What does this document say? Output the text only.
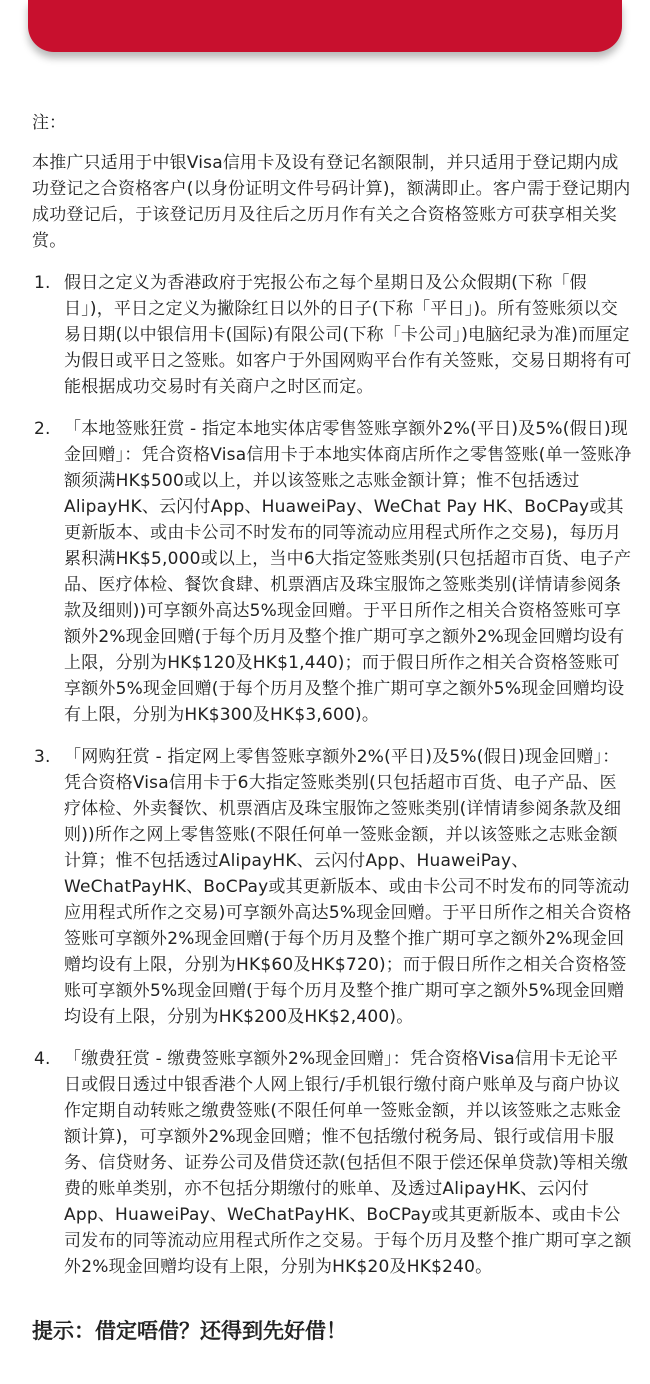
注：
本推广只适用于中银Visa信用卡及设有登记名额限制，并只适用于登记期内成功登记之合资格客户(以身份证明文件号码计算)，额满即止。客户需于登记期内成功登记后，于该登记历月及往后之历月作有关之合资格签账方可获享相关奖赏。
1. 假日之定义为香港政府于宪报公布之每个星期日及公众假期(下称「假日」)，平日之定义为撇除红日以外的日子(下称「平日」)。所有签账须以交易日期(以中银信用卡(国际)有限公司(下称「卡公司」)电脑纪录为准)而厘定为假日或平日之签账。如客户于外国网购平台作有关签账，交易日期将有可能根据成功交易时有关商户之时区而定。
2. 「本地签账狂赏 - 指定本地实体店零售签账享额外2%(平日)及5%(假日)现金回赠」：凭合资格Visa信用卡于本地实体商店所作之零售签账(单一签账净额须满HK$500或以上，并以该签账之志账金额计算；惟不包括透过AlipayHK、云闪付App、HuaweiPay、WeChat Pay HK、BoCPay或其更新版本、或由卡公司不时发布的同等流动应用程式所作之交易)，每历月累积满HK$5,000或以上，当中6大指定签账类别(只包括超市百货、电子产品、医疗体检、餐饮食肆、机票酒店及珠宝服饰之签账类别(详情请参阅条款及细则))可享额外高达5%现金回赠。于平日所作之相关合资格签账可享额外2%现金回赠(于每个历月及整个推广期可享之额外2%现金回赠均设有上限，分别为HK$120及HK$1,440)；而于假日所作之相关合资格签账可享额外5%现金回赠(于每个历月及整个推广期可享之额外5%现金回赠均设有上限，分别为HK$300及HK$3,600)。
3. 「网购狂赏 - 指定网上零售签账享额外2%(平日)及5%(假日)现金回赠」：凭合资格Visa信用卡于6大指定签账类别(只包括超市百货、电子产品、医疗体检、外卖餐饮、机票酒店及珠宝服饰之签账类别(详情请参阅条款及细则))所作之网上零售签账(不限任何单一签账金额，并以该签账之志账金额计算；惟不包括透过AlipayHK、云闪付App、HuaweiPay、WeChatPayHK、BoCPay或其更新版本、或由卡公司不时发布的同等流动应用程式所作之交易)可享额外高达5%现金回赠。于平日所作之相关合资格签账可享额外2%现金回赠(于每个历月及整个推广期可享之额外2%现金回赠均设有上限，分别为HK$60及HK$720)；而于假日所作之相关合资格签账可享额外5%现金回赠(于每个历月及整个推广期可享之额外5%现金回赠均设有上限，分别为HK$200及HK$2,400)。
4. 「缴费狂赏 - 缴费签账享额外2%现金回赠」：凭合资格Visa信用卡无论平日或假日透过中银香港个人网上银行/手机银行缴付商户账单及与商户协议作定期自动转账之缴费签账(不限任何单一签账金额，并以该签账之志账金额计算)，可享额外2%现金回赠；惟不包括缴付税务局、银行或信用卡服务、信贷财务、证券公司及借贷还款(包括但不限于偿还保单贷款)等相关缴费的账单类别，亦不包括分期缴付的账单、及透过AlipayHK、云闪付App、HuaweiPay、WeChatPayHK、BoCPay或其更新版本、或由卡公司发布的同等流动应用程式所作之交易。于每个历月及整个推广期可享之额外2%现金回赠均设有上限，分别为HK$20及HK$240。
提示：借定唔借？还得到先好借！
